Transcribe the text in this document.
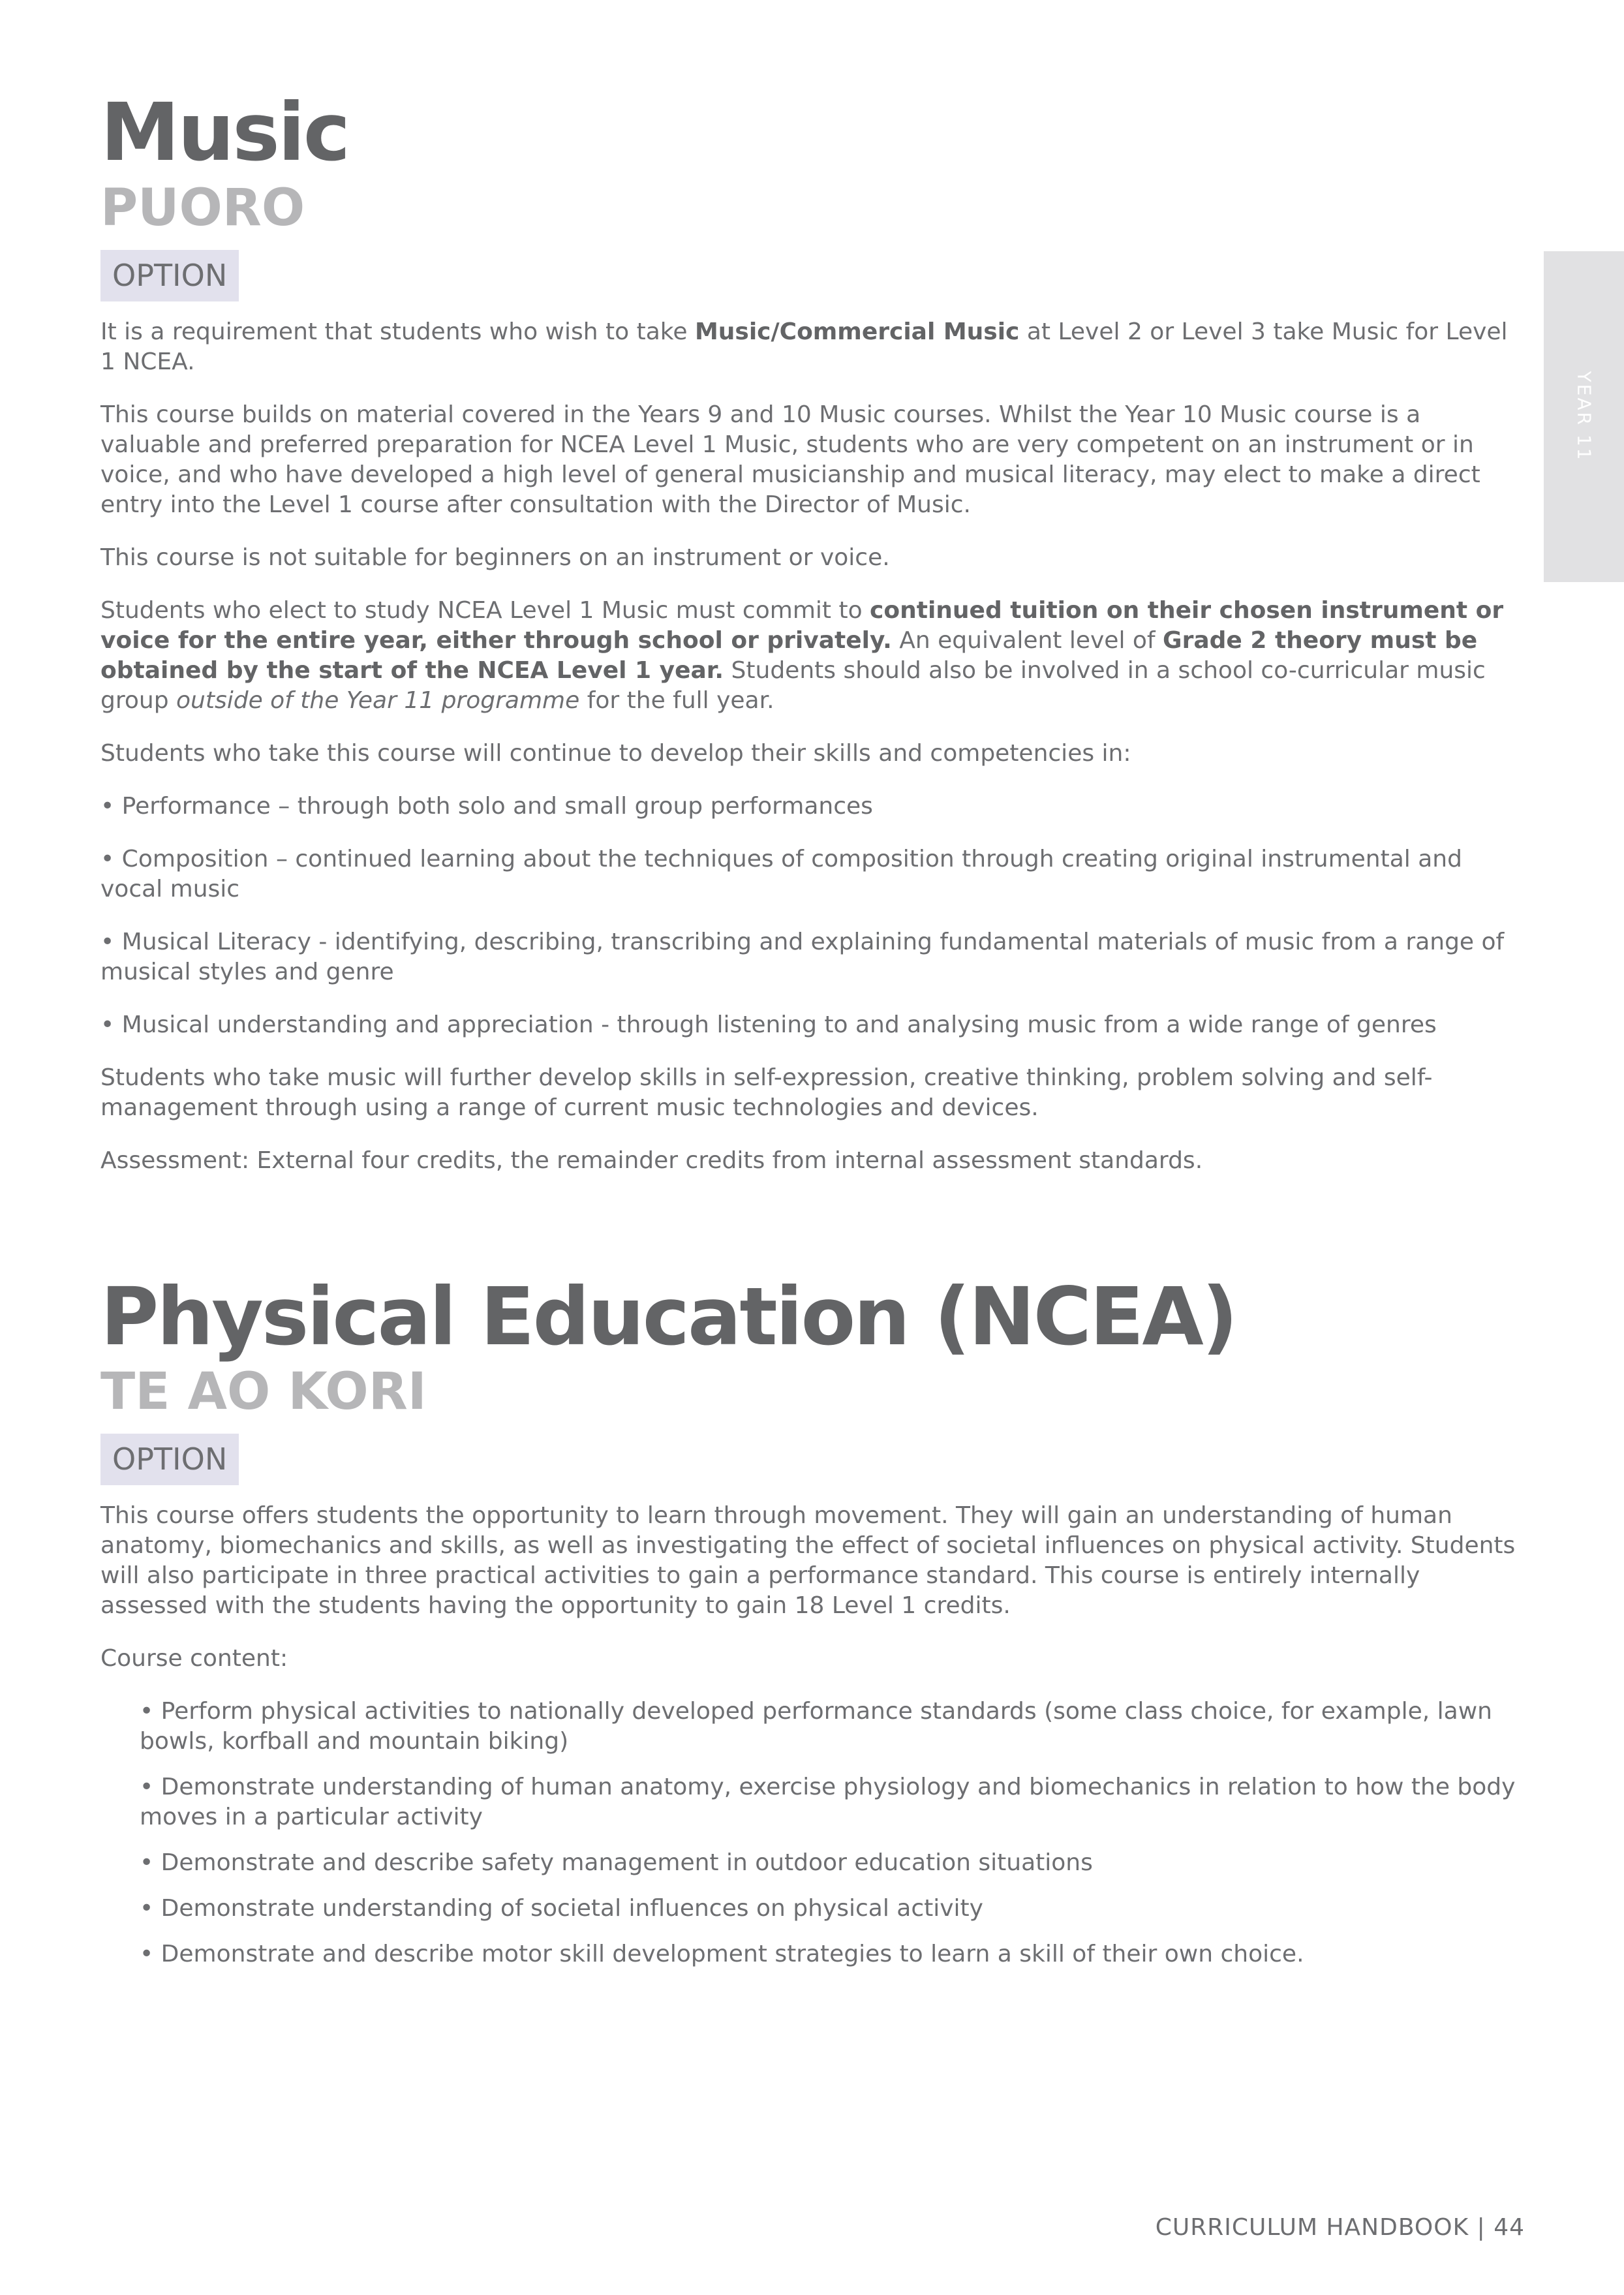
YEAR 11
Music
PUORO
OPTION

It is a requirement that students who wish to take Music/Commercial Music at Level 2 or Level 3 take Music for Level 1 NCEA.

This course builds on material covered in the Years 9 and 10 Music courses. Whilst the Year 10 Music course is a valuable and preferred preparation for NCEA Level 1 Music, students who are very competent on an instrument or in voice, and who have developed a high level of general musicianship and musical literacy, may elect to make a direct entry into the Level 1 course after consultation with the Director of Music.

This course is not suitable for beginners on an instrument or voice.

Students who elect to study NCEA Level 1 Music must commit to continued tuition on their chosen instrument or voice for the entire year, either through school or privately. An equivalent level of Grade 2 theory must be obtained by the start of the NCEA Level 1 year. Students should also be involved in a school co-curricular music group outside of the Year 11 programme for the full year.

Students who take this course will continue to develop their skills and competencies in:

• Performance – through both solo and small group performances

• Composition – continued learning about the techniques of composition through creating original instrumental and vocal music

• Musical Literacy - identifying, describing, transcribing and explaining fundamental materials of music from a range of musical styles and genre

• Musical understanding and appreciation - through listening to and analysing music from a wide range of genres

Students who take music will further develop skills in self-expression, creative thinking, problem solving and self-management through using a range of current music technologies and devices.

Assessment: External four credits, the remainder credits from internal assessment standards.

Physical Education (NCEA)
TE AO KORI
OPTION

This course offers students the opportunity to learn through movement. They will gain an understanding of human anatomy, biomechanics and skills, as well as investigating the effect of societal influences on physical activity. Students will also participate in three practical activities to gain a performance standard. This course is entirely internally assessed with the students having the opportunity to gain 18 Level 1 credits.

Course content:

• Perform physical activities to nationally developed performance standards (some class choice, for example, lawn bowls, korfball and mountain biking)
• Demonstrate understanding of human anatomy, exercise physiology and biomechanics in relation to how the body moves in a particular activity
• Demonstrate and describe safety management in outdoor education situations
• Demonstrate understanding of societal influences on physical activity
• Demonstrate and describe motor skill development strategies to learn a skill of their own choice.
CURRICULUM HANDBOOK | 44
